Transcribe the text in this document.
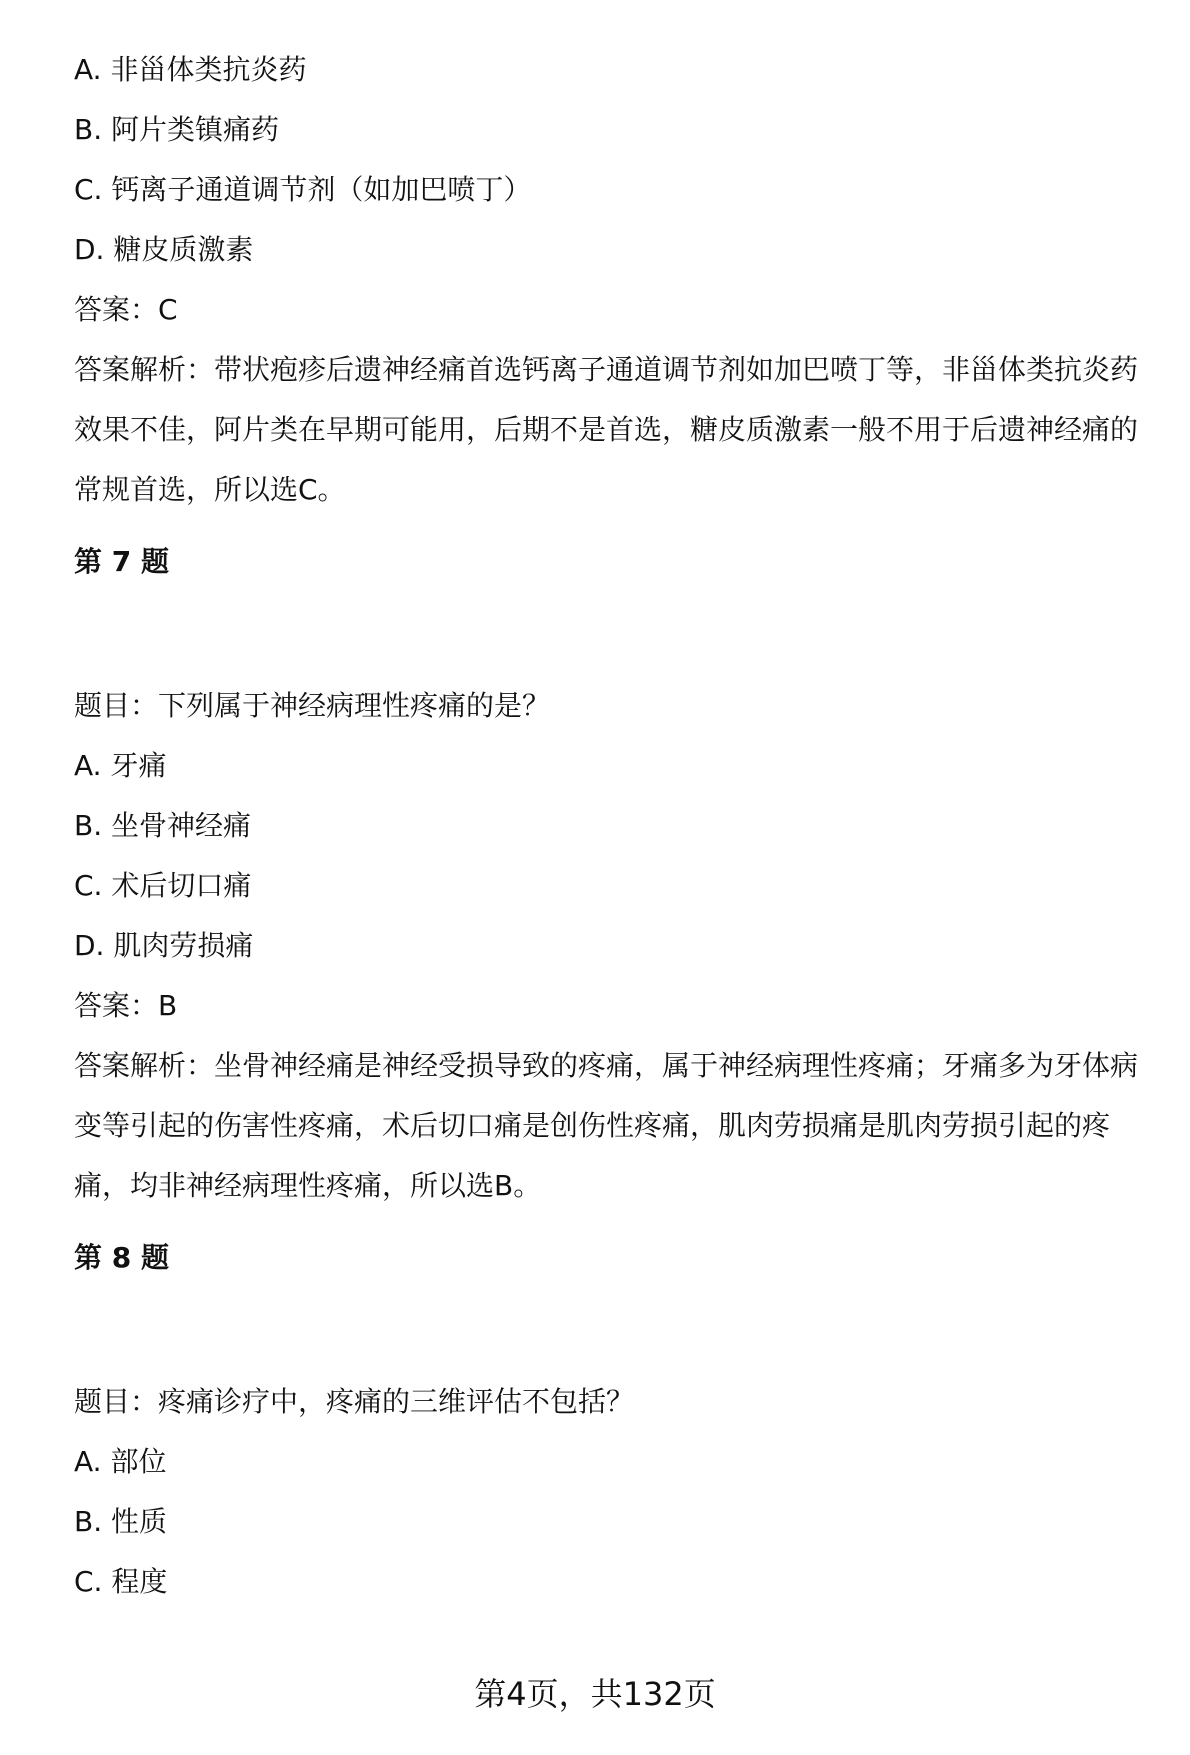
A. 非甾体类抗炎药
B. 阿片类镇痛药
C. 钙离子通道调节剂（如加巴喷丁）
D. 糖皮质激素
答案：C
答案解析：带状疱疹后遗神经痛首选钙离子通道调节剂如加巴喷丁等，非甾体类抗炎药效果不佳，阿片类在早期可能用，后期不是首选，糖皮质激素一般不用于后遗神经痛的常规首选，所以选C。
第 7 题
题目：下列属于神经病理性疼痛的是？
A. 牙痛
B. 坐骨神经痛
C. 术后切口痛
D. 肌肉劳损痛
答案：B
答案解析：坐骨神经痛是神经受损导致的疼痛，属于神经病理性疼痛；牙痛多为牙体病变等引起的伤害性疼痛，术后切口痛是创伤性疼痛，肌肉劳损痛是肌肉劳损引起的疼痛，均非神经病理性疼痛，所以选B。
第 8 题
题目：疼痛诊疗中，疼痛的三维评估不包括？
A. 部位
B. 性质
C. 程度
第4页，共132页
